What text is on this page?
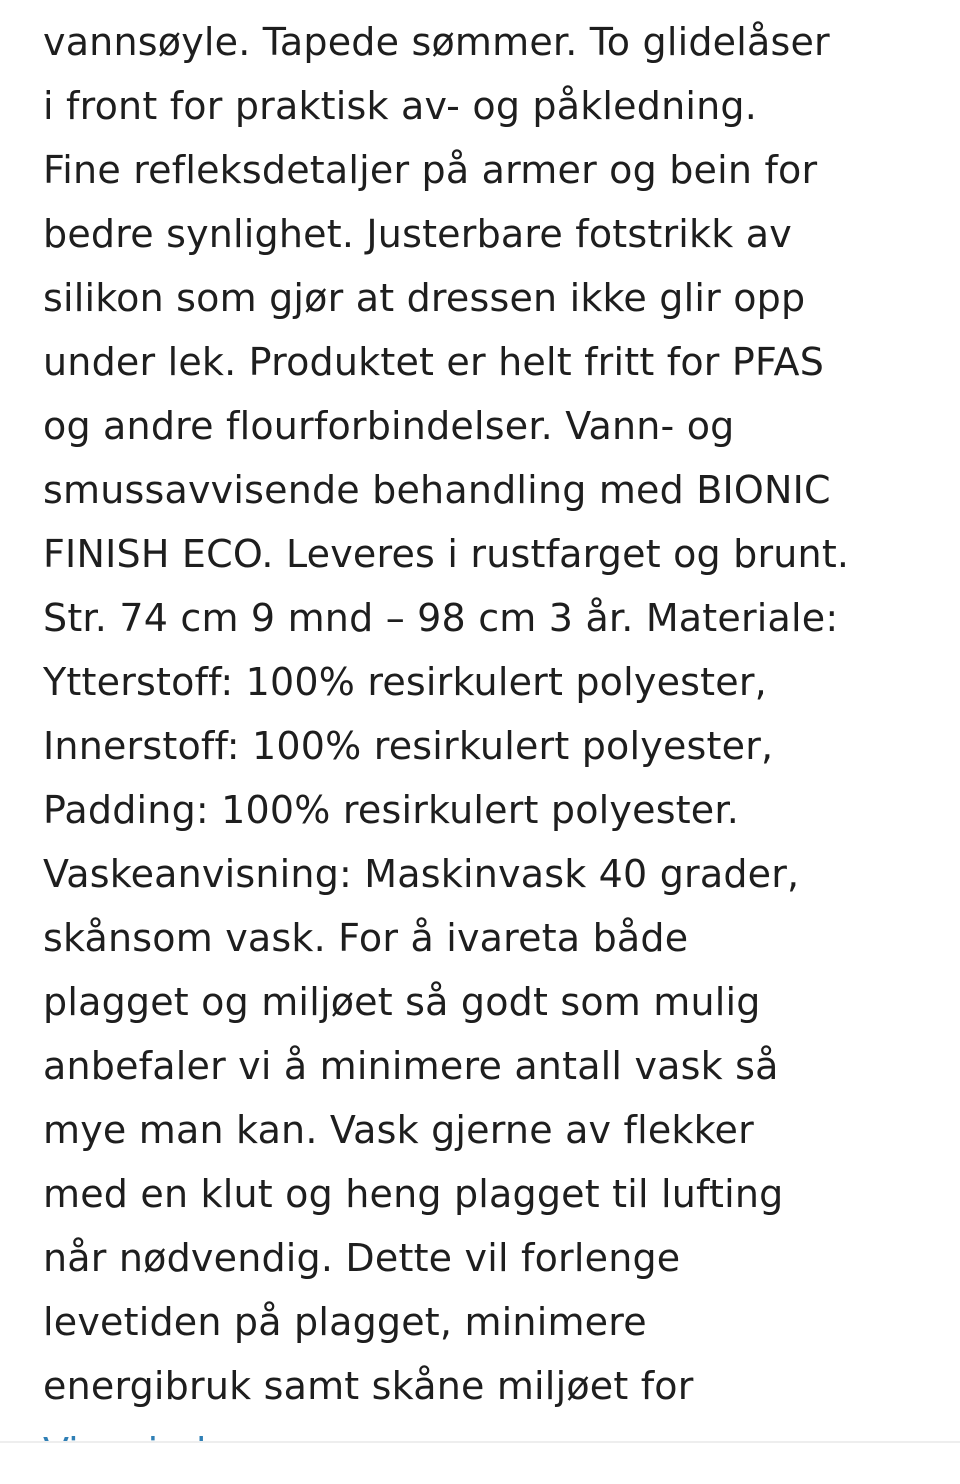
vannsøyle. Tapede sømmer. To glidelåser
i front for praktisk av- og påkledning.
Fine refleksdetaljer på armer og bein for
bedre synlighet. Justerbare fotstrikk av
silikon som gjør at dressen ikke glir opp
under lek. Produktet er helt fritt for PFAS
og andre flourforbindelser. Vann- og
smussavvisende behandling med BIONIC
FINISH ECO. Leveres i rustfarget og brunt.
Str. 74 cm 9 mnd – 98 cm 3 år. Materiale:
Ytterstoff: 100% resirkulert polyester,
Innerstoff: 100% resirkulert polyester,
Padding: 100% resirkulert polyester.
Vaskeanvisning: Maskinvask 40 grader,
skånsom vask. For å ivareta både
plagget og miljøet så godt som mulig
anbefaler vi å minimere antall vask så
mye man kan. Vask gjerne av flekker
med en klut og heng plagget til lufting
når nødvendig. Dette vil forlenge
levetiden på plagget, minimere
energibruk samt skåne miljøet for
